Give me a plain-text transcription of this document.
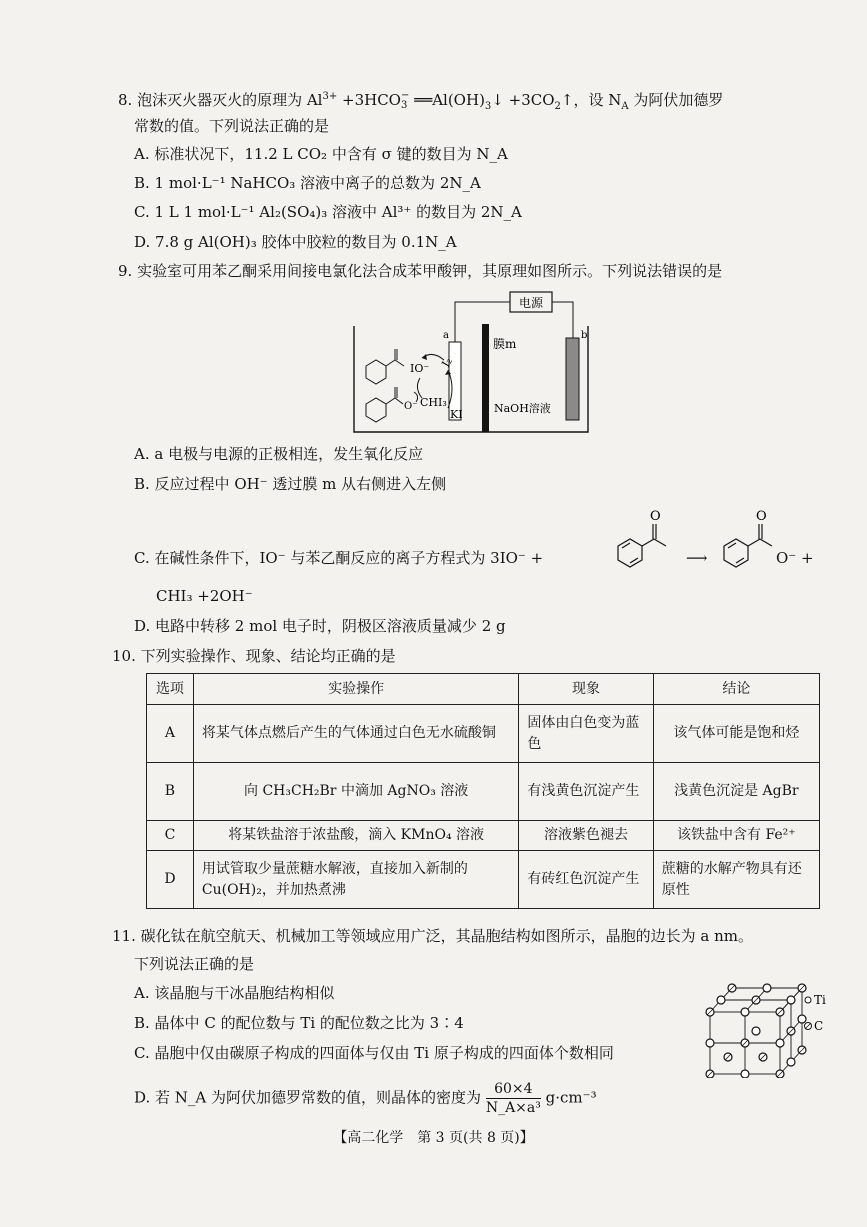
8. 泡沫灭火器灭火的原理为 $Al^{3+} +3HCO$ −
3 $══Al(OH)_3↓$ $+3CO_2↑$，设 $N_A$ 为阿伏加德罗
常数的值。下列说法正确的是
A. 标准状况下，11.2 L CO₂ 中含有 σ 键的数目为 N_A
B. 1 mol·L⁻¹ NaHCO₃ 溶液中离子的总数为 2N_A
C. 1 L 1 mol·L⁻¹ Al₂(SO₄)₃ 溶液中 Al³⁺ 的数目为 2N_A
D. 7.8 g Al(OH)₃ 胶体中胶粒的数目为 0.1N_A
9. 实验室可用苯乙酮采用间接电氯化法合成苯甲酸钾，其原理如图所示。下列说法错误的是
电源
a
膜m
b
NaOH溶液
O⁻
IO⁻ I₂
CHI₃
KI
A. a 电极与电源的正极相连，发生氧化反应
B. 反应过程中 OH⁻ 透过膜 m 从右侧进入左侧
C. 在碱性条件下，IO⁻ 与苯乙酮反应的离子方程式为 3IO⁻ +
O
⟶
O
O⁻ +
CHI₃ +2OH⁻
D. 电路中转移 2 mol 电子时，阴极区溶液质量减少 2 g
10. 下列实验操作、现象、结论均正确的是
选项	实验操作	现象	结论
A	将某气体点燃后产生的气体通过白色无水硫酸铜	固体由白色变为蓝色	该气体可能是饱和烃
B	向 CH₃CH₂Br 中滴加 AgNO₃ 溶液	有浅黄色沉淀产生	浅黄色沉淀是 AgBr
C	将某铁盐溶于浓盐酸，滴入 KMnO₄ 溶液	溶液紫色褪去	该铁盐中含有 Fe²⁺
D	用试管取少量蔗糖水解液，直接加入新制的 Cu(OH)₂，并加热煮沸	有砖红色沉淀产生	蔗糖的水解产物具有还原性
11. 碳化钛在航空航天、机械加工等领域应用广泛，其晶胞结构如图所示，晶胞的边长为 a nm。
下列说法正确的是
A. 该晶胞与干冰晶胞结构相似
B. 晶体中 C 的配位数与 Ti 的配位数之比为 3∶4
C. 晶胞中仅由碳原子构成的四面体与仅由 Ti 原子构成的四面体个数相同
D. 若 N_A 为阿伏加德罗常数的值，则晶体的密度为 $\frac{60\times 4}{\text{N\_A×a³}} g\cdot cm^{-3}$
Ti
C
【高二化学　第 3 页(共 8 页)】
